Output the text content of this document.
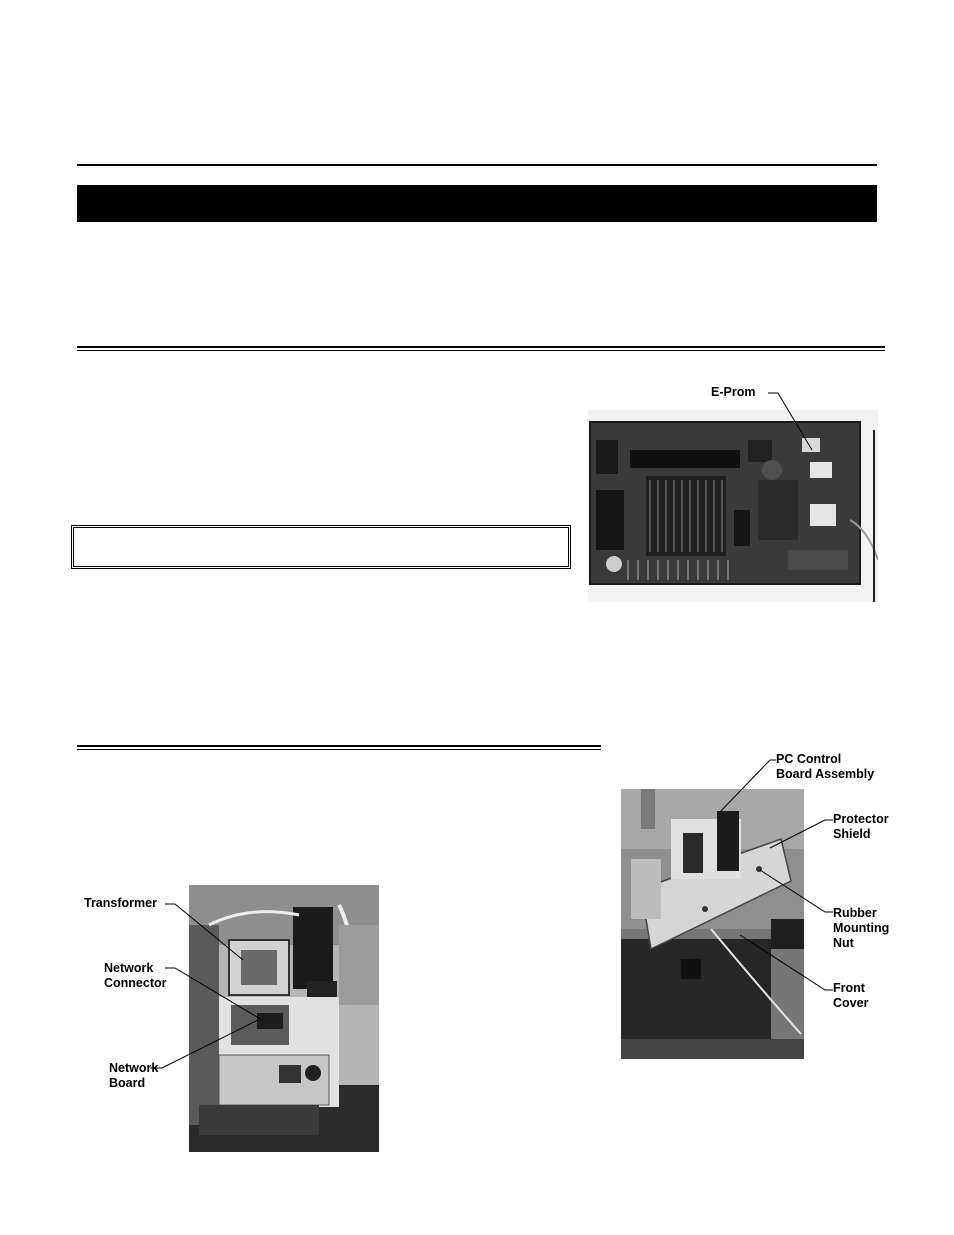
E-Prom
Transformer
Network
Connector
Network
Board
PC Control
Board Assembly
Protector
Shield
Rubber
Mounting
Nut
Front
Cover
